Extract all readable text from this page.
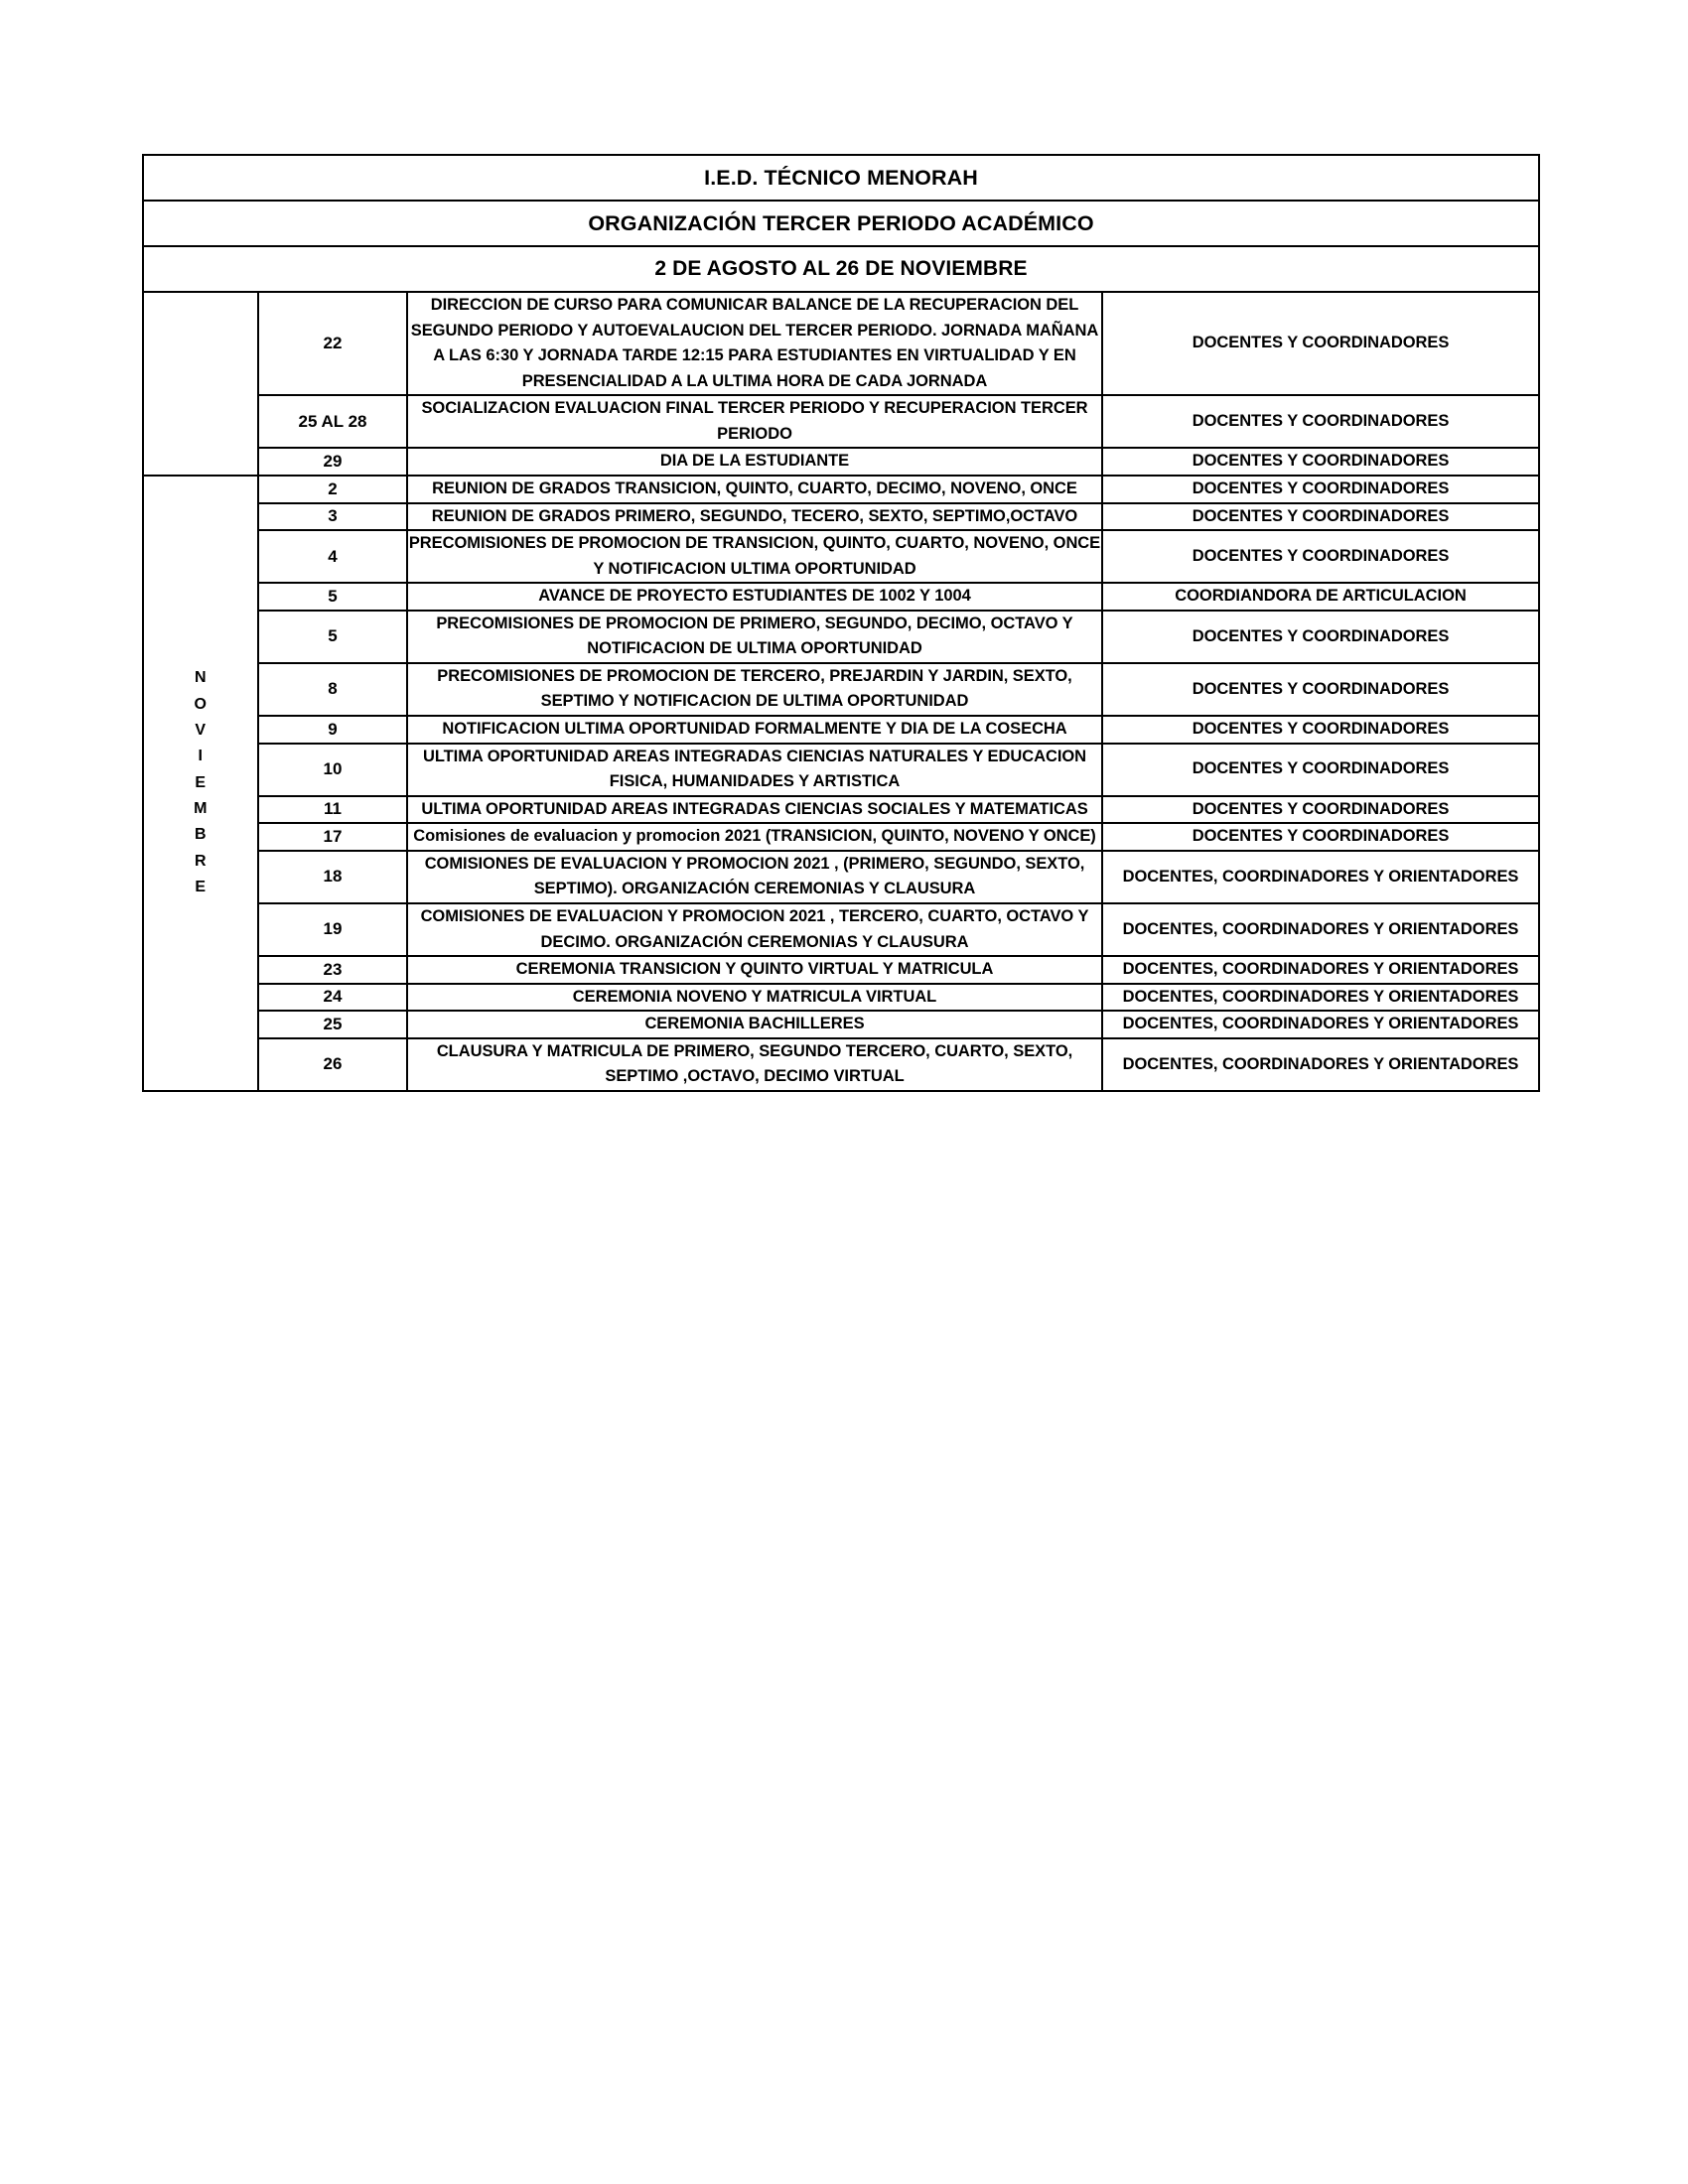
I.E.D. TÉCNICO MENORAH			
ORGANIZACIÓN TERCER PERIODO ACADÉMICO			
2 DE AGOSTO AL 26 DE NOVIEMBRE			
	22	DIRECCION DE CURSO PARA COMUNICAR BALANCE DE LA RECUPERACION DEL SEGUNDO PERIODO Y AUTOEVALAUCION DEL TERCER PERIODO. JORNADA MAÑANA A LAS 6:30 Y JORNADA TARDE 12:15 PARA ESTUDIANTES EN VIRTUALIDAD Y EN PRESENCIALIDAD A LA ULTIMA HORA DE CADA JORNADA	DOCENTES Y COORDINADORES
	25 AL 28	SOCIALIZACION EVALUACION FINAL TERCER PERIODO Y RECUPERACION TERCER PERIODO	DOCENTES Y COORDINADORES
	29	DIA DE LA ESTUDIANTE	DOCENTES Y COORDINADORES

N
O
V
I
E
M
B
R
E
	2	REUNION DE GRADOS TRANSICION, QUINTO, CUARTO, DECIMO, NOVENO, ONCE	DOCENTES Y COORDINADORES
	3	REUNION DE GRADOS PRIMERO, SEGUNDO, TECERO, SEXTO, SEPTIMO,OCTAVO	DOCENTES Y COORDINADORES
	4	PRECOMISIONES DE PROMOCION DE TRANSICION, QUINTO, CUARTO, NOVENO, ONCE Y NOTIFICACION ULTIMA OPORTUNIDAD	DOCENTES Y COORDINADORES
	5	AVANCE DE PROYECTO ESTUDIANTES DE 1002 Y 1004	COORDIANDORA DE ARTICULACION
	5	PRECOMISIONES DE PROMOCION DE PRIMERO, SEGUNDO, DECIMO, OCTAVO Y NOTIFICACION DE ULTIMA OPORTUNIDAD	DOCENTES Y COORDINADORES
	8	PRECOMISIONES DE PROMOCION DE TERCERO, PREJARDIN Y JARDIN, SEXTO, SEPTIMO Y NOTIFICACION DE ULTIMA OPORTUNIDAD	DOCENTES Y COORDINADORES
	9	NOTIFICACION ULTIMA OPORTUNIDAD FORMALMENTE Y DIA DE LA COSECHA	DOCENTES Y COORDINADORES
	10	ULTIMA OPORTUNIDAD AREAS INTEGRADAS CIENCIAS NATURALES Y EDUCACION FISICA, HUMANIDADES Y ARTISTICA	DOCENTES Y COORDINADORES
	11	ULTIMA OPORTUNIDAD AREAS INTEGRADAS CIENCIAS SOCIALES Y MATEMATICAS	DOCENTES Y COORDINADORES
	17	Comisiones de evaluacion y promocion 2021 (TRANSICION, QUINTO, NOVENO Y ONCE)	DOCENTES Y COORDINADORES
	18	COMISIONES DE EVALUACION Y PROMOCION 2021 , (PRIMERO, SEGUNDO, SEXTO, SEPTIMO). ORGANIZACIÓN CEREMONIAS Y CLAUSURA	DOCENTES, COORDINADORES Y ORIENTADORES
	19	COMISIONES DE EVALUACION Y PROMOCION 2021 , TERCERO, CUARTO, OCTAVO Y DECIMO. ORGANIZACIÓN CEREMONIAS Y CLAUSURA	DOCENTES, COORDINADORES Y ORIENTADORES
	23	CEREMONIA TRANSICION Y QUINTO VIRTUAL Y MATRICULA	DOCENTES, COORDINADORES Y ORIENTADORES
	24	CEREMONIA NOVENO Y MATRICULA VIRTUAL	DOCENTES, COORDINADORES Y ORIENTADORES
	25	CEREMONIA BACHILLERES	DOCENTES, COORDINADORES Y ORIENTADORES
	26	CLAUSURA Y MATRICULA DE PRIMERO, SEGUNDO TERCERO, CUARTO, SEXTO, SEPTIMO ,OCTAVO, DECIMO VIRTUAL	DOCENTES, COORDINADORES Y ORIENTADORES
